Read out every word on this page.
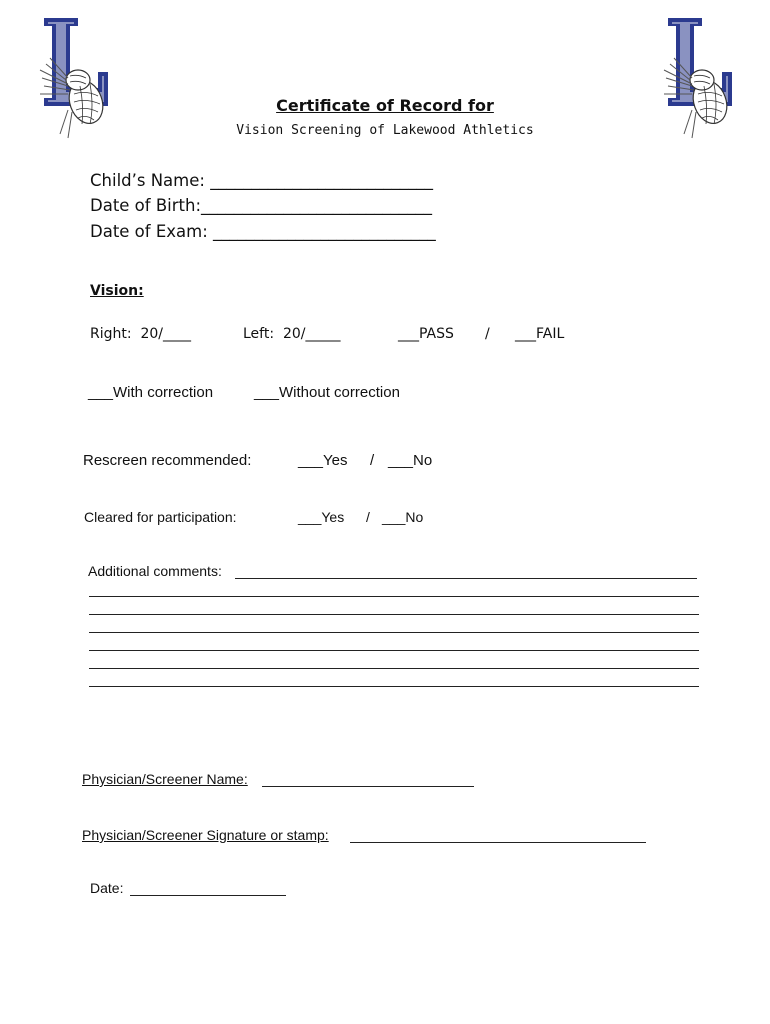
Certificate of Record for
Vision Screening of Lakewood Athletics
Child’s Name: ___________________________
Date of Birth:____________________________
Date of Exam: ___________________________
Vision:
Right:  20/____	Left:  20/_____	___PASS / ___FAIL
___With correction	___Without correction
Rescreen recommended:	___Yes / ___No
Cleared for participation:	___Yes / ___No
Additional comments:
Physician/Screener Name:
Physician/Screener Signature or stamp:
Date:
